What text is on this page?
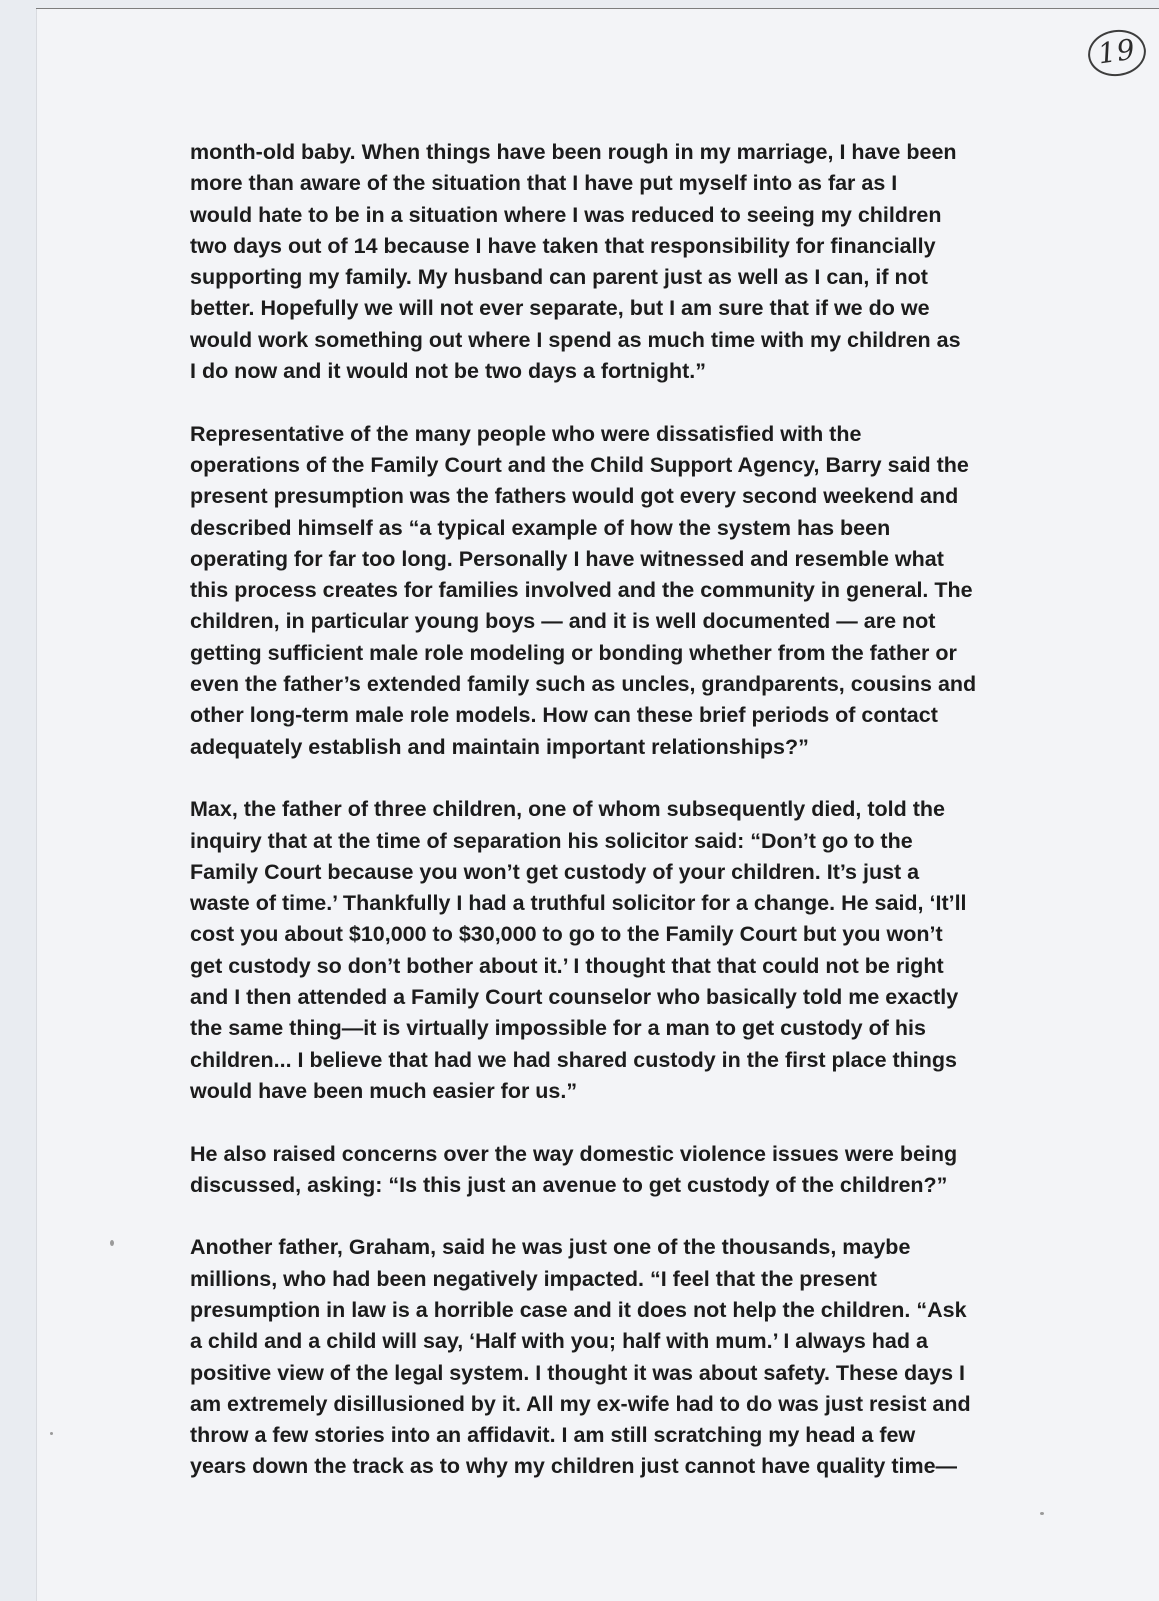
19

month-old baby. When things have been rough in my marriage, I have been
more than aware of the situation that I have put myself into as far as I
would hate to be in a situation where I was reduced to seeing my children
two days out of 14 because I have taken that responsibility for financially
supporting my family. My husband can parent just as well as I can, if not
better. Hopefully we will not ever separate, but I am sure that if we do we
would work something out where I spend as much time with my children as
I do now and it would not be two days a fortnight.”

Representative of the many people who were dissatisfied with the
operations of the Family Court and the Child Support Agency, Barry said the
present presumption was the fathers would got every second weekend and
described himself as “a typical example of how the system has been
operating for far too long. Personally I have witnessed and resemble what
this process creates for families involved and the community in general. The
children, in particular young boys — and it is well documented — are not
getting sufficient male role modeling or bonding whether from the father or
even the father’s extended family such as uncles, grandparents, cousins and
other long-term male role models. How can these brief periods of contact
adequately establish and maintain important relationships?”

Max, the father of three children, one of whom subsequently died, told the
inquiry that at the time of separation his solicitor said: “Don’t go to the
Family Court because you won’t get custody of your children. It’s just a
waste of time.’ Thankfully I had a truthful solicitor for a change. He said, ‘It’ll
cost you about $10,000 to $30,000 to go to the Family Court but you won’t
get custody so don’t bother about it.’ I thought that that could not be right
and I then attended a Family Court counselor who basically told me exactly
the same thing—it is virtually impossible for a man to get custody of his
children... I believe that had we had shared custody in the first place things
would have been much easier for us.”

He also raised concerns over the way domestic violence issues were being
discussed, asking: “Is this just an avenue to get custody of the children?”

Another father, Graham, said he was just one of the thousands, maybe
millions, who had been negatively impacted. “I feel that the present
presumption in law is a horrible case and it does not help the children. “Ask
a child and a child will say, ‘Half with you; half with mum.’ I always had a
positive view of the legal system. I thought it was about safety. These days I
am extremely disillusioned by it. All my ex-wife had to do was just resist and
throw a few stories into an affidavit. I am still scratching my head a few
years down the track as to why my children just cannot have quality time—
